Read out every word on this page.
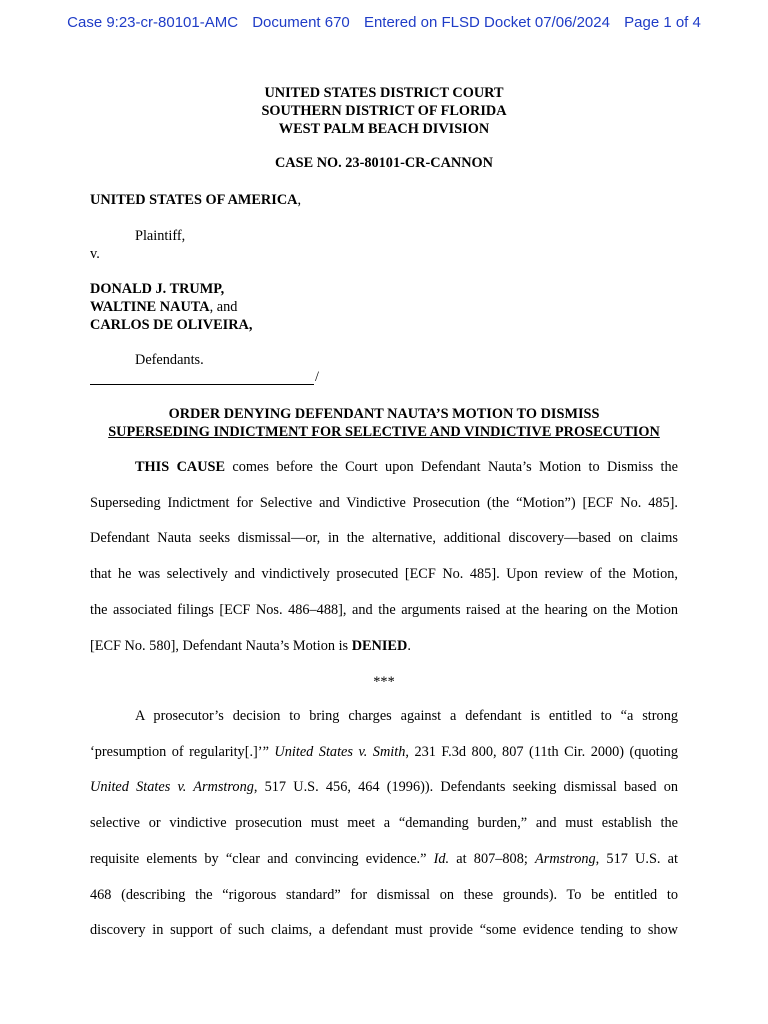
Case 9:23-cr-80101-AMC Document 670 Entered on FLSD Docket 07/06/2024 Page 1 of 4
UNITED STATES DISTRICT COURT
SOUTHERN DISTRICT OF FLORIDA
WEST PALM BEACH DIVISION
CASE NO. 23-80101-CR-CANNON
UNITED STATES OF AMERICA,
Plaintiff,
v.
DONALD J. TRUMP,
WALTINE NAUTA, and
CARLOS DE OLIVEIRA,
Defendants.
/
ORDER DENYING DEFENDANT NAUTA’S MOTION TO DISMISS
SUPERSEDING INDICTMENT FOR SELECTIVE AND VINDICTIVE PROSECUTION
THIS CAUSE comes before the Court upon Defendant Nauta’s Motion to Dismiss the
Superseding Indictment for Selective and Vindictive Prosecution (the “Motion”) [ECF No. 485].
Defendant Nauta seeks dismissal—or, in the alternative, additional discovery—based on claims
that he was selectively and vindictively prosecuted [ECF No. 485]. Upon review of the Motion,
the associated filings [ECF Nos. 486–488], and the arguments raised at the hearing on the Motion
[ECF No. 580], Defendant Nauta’s Motion is DENIED.
***
A prosecutor’s decision to bring charges against a defendant is entitled to “a strong
‘presumption of regularity[.]’” United States v. Smith, 231 F.3d 800, 807 (11th Cir. 2000) (quoting
United States v. Armstrong, 517 U.S. 456, 464 (1996)). Defendants seeking dismissal based on
selective or vindictive prosecution must meet a “demanding burden,” and must establish the
requisite elements by “clear and convincing evidence.” Id. at 807–808; Armstrong, 517 U.S. at
468 (describing the “rigorous standard” for dismissal on these grounds). To be entitled to
discovery in support of such claims, a defendant must provide “some evidence tending to show
